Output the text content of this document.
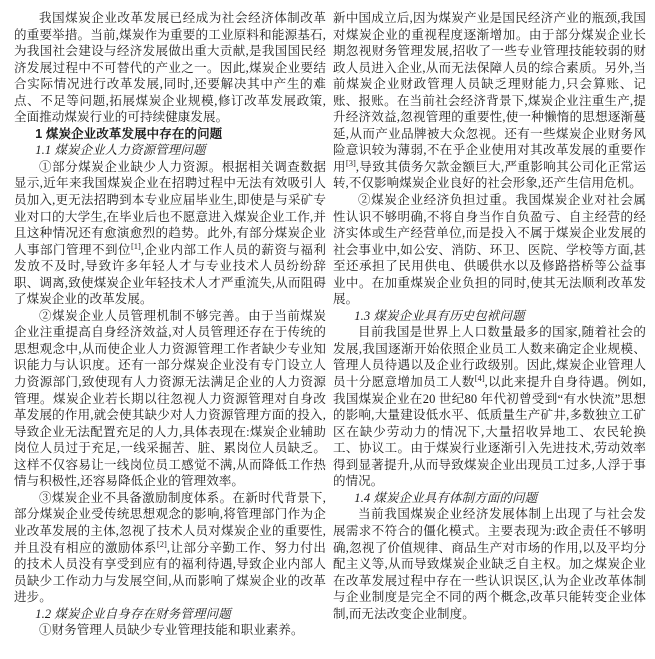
我国煤炭企业改革发展已经成为社会经济体制改革的重要举措。当前,煤炭作为重要的工业原料和能源基石,为我国社会建设与经济发展做出重大贡献,是我国国民经济发展过程中不可替代的产业之一。因此,煤炭企业要结合实际情况进行改革发展,同时,还要解决其中产生的难点、不足等问题,拓展煤炭企业规模,修订改革发展政策,全面推动煤炭行业的可持续健康发展。

1 煤炭企业改革发展中存在的问题

1.1 煤炭企业人力资源管理问题

①部分煤炭企业缺少人力资源。根据相关调查数据显示,近年来我国煤炭企业在招聘过程中无法有效吸引人员加入,更无法招聘到本专业应届毕业生,即使是与采矿专业对口的大学生,在毕业后也不愿意进入煤炭企业工作,并且这种情况还有愈演愈烈的趋势。此外,有部分煤炭企业人事部门管理不到位[1],企业内部工作人员的薪资与福利发放不及时,导致许多年轻人才与专业技术人员纷纷辞职、调离,致使煤炭企业年轻技术人才严重流失,从而阻碍了煤炭企业的改革发展。

②煤炭企业人员管理机制不够完善。由于当前煤炭企业注重提高自身经济效益,对人员管理还存在于传统的思想观念中,从而使企业人力资源管理工作者缺少专业知识能力与认识度。还有一部分煤炭企业没有专门设立人力资源部门,致使现有人力资源无法满足企业的人力资源管理。煤炭企业若长期以往忽视人力资源管理对自身改革发展的作用,就会使其缺少对人力资源管理方面的投入,导致企业无法配置充足的人力,具体表现在:煤炭企业辅助岗位人员过于充足,一线采掘苦、脏、累岗位人员缺乏。这样不仅容易让一线岗位员工感觉不满,从而降低工作热情与积极性,还容易降低企业的管理效率。

③煤炭企业不具备激励制度体系。在新时代背景下,部分煤炭企业受传统思想观念的影响,将管理部门作为企业改革发展的主体,忽视了技术人员对煤炭企业的重要性,并且没有相应的激励体系[2],让部分辛勤工作、努力付出的技术人员没有享受到应有的福利待遇,导致企业内部人员缺少工作动力与发展空间,从而影响了煤炭企业的改革进步。

1.2 煤炭企业自身存在财务管理问题

①财务管理人员缺少专业管理技能和职业素养。

新中国成立后,因为煤炭产业是国民经济产业的瓶颈,我国对煤炭企业的重视程度逐渐增加。由于部分煤炭企业长期忽视财务管理发展,招收了一些专业管理技能较弱的财政人员进入企业,从而无法保障人员的综合素质。另外,当前煤炭企业财政管理人员缺乏理财能力,只会算账、记账、报账。在当前社会经济背景下,煤炭企业注重生产,提升经济效益,忽视管理的重要性,使一种懒惰的思想逐渐蔓延,从而产业品牌被大众忽视。还有一些煤炭企业财务风险意识较为薄弱,不在乎企业使用对其改革发展的重要作用[3],导致其债务欠款金额巨大,严重影响其公司化正常运转,不仅影响煤炭企业良好的社会形象,还产生信用危机。

②煤炭企业经济负担过重。我国煤炭企业对社会属性认识不够明确,不将自身当作自负盈亏、自主经营的经济实体或生产经营单位,而是投入不属于煤炭企业发展的社会事业中,如公安、消防、环卫、医院、学校等方面,甚至还承担了民用供电、供暖供水以及修路搭桥等公益事业中。在加重煤炭企业负担的同时,使其无法顺利改革发展。

1.3 煤炭企业具有历史包袱问题

目前我国是世界上人口数量最多的国家,随着社会的发展,我国逐渐开始依照企业员工人数来确定企业规模、管理人员待遇以及企业行政级别。因此,煤炭企业管理人员十分愿意增加员工人数[4],以此来提升自身待遇。例如,我国煤炭企业在20 世纪80 年代初曾受到“有水快流”思想的影响,大量建设低水平、低质量生产矿井,多数独立工矿区在缺少劳动力的情况下,大量招收异地工、农民轮换工、协议工。由于煤炭行业逐渐引入先进技术,劳动效率得到显著提升,从而导致煤炭企业出现员工过多,人浮于事的情况。

1.4 煤炭企业具有体制方面的问题

当前我国煤炭企业经济发展体制上出现了与社会发展需求不符合的僵化模式。主要表现为:政企责任不够明确,忽视了价值规律、商品生产对市场的作用,以及平均分配主义等,从而导致煤炭企业缺乏自主权。加之煤炭企业在改革发展过程中存在一些认识误区,认为企业改革体制与企业制度是完全不同的两个概念,改革只能转变企业体制,而无法改变企业制度。
